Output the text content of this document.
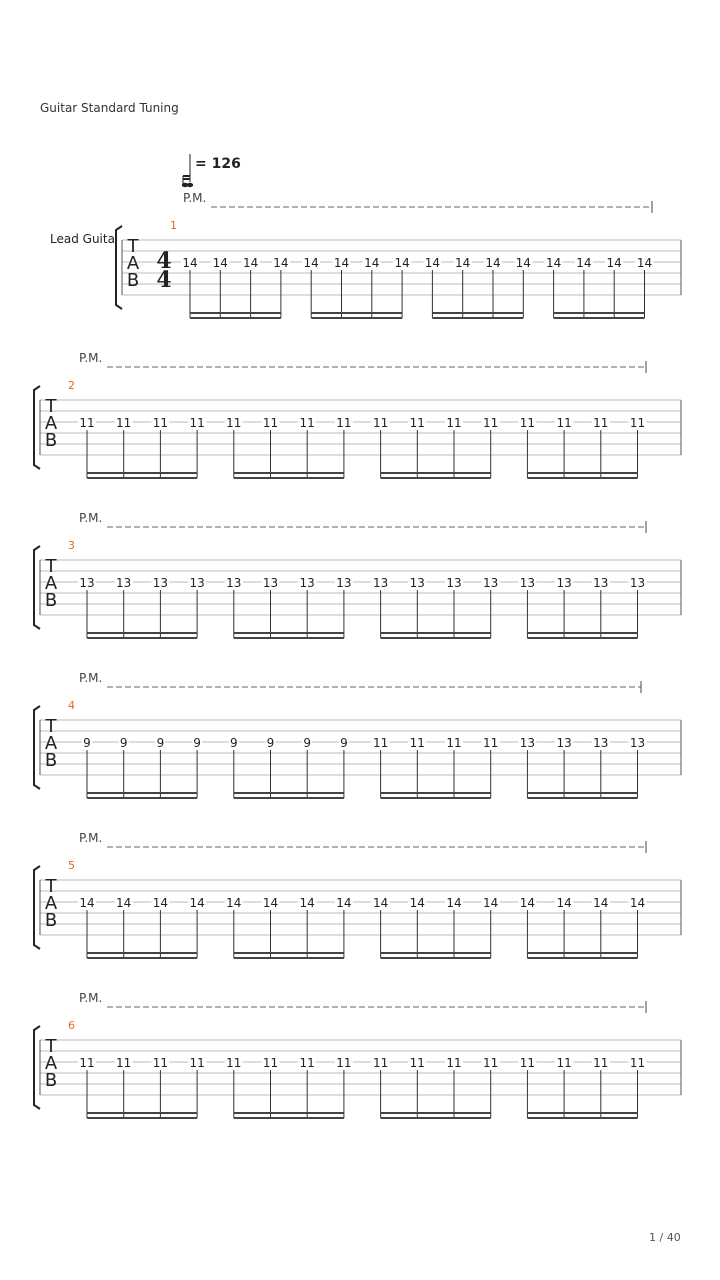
Guitar Standard Tuning
= 126
P.M.
1
Lead Guita T
A
B
4
4
14 14 14 14 14 14 14 14 14 14 14 14 14 14 14 14
P.M.
2
T
A
B
11 11 11 11 11 11 11 11 11 11 11 11 11 11 11 11
P.M.
3
T
A
B
13 13 13 13 13 13 13 13 13 13 13 13 13 13 13 13
P.M.
4
T
A
B
9 9 9 9 9 9 9 9 11 11 11 11 13 13 13 13
P.M.
5
T
A
B
14 14 14 14 14 14 14 14 14 14 14 14 14 14 14 14
P.M.
6
T
A
B
11 11 11 11 11 11 11 11 11 11 11 11 11 11 11 11
1 / 40
